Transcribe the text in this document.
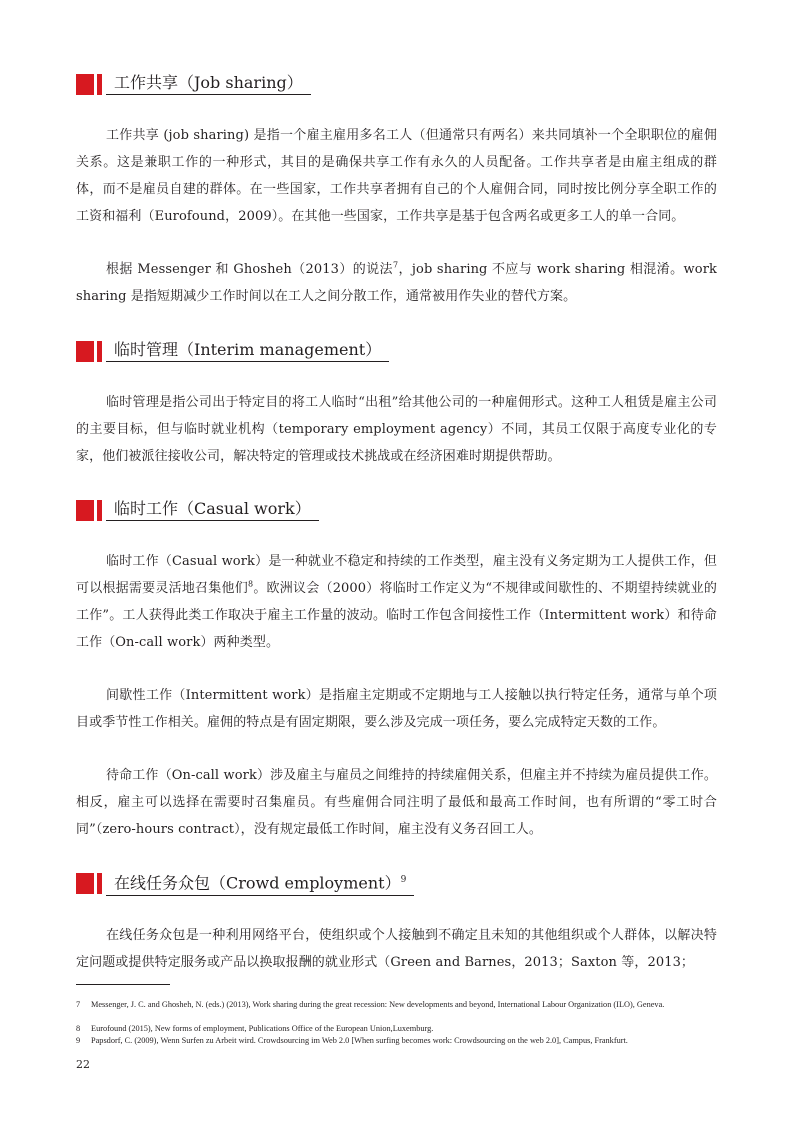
工作共享（Job sharing）

工作共享 (job sharing) 是指一个雇主雇用多名工人（但通常只有两名）来共同填补一个全职职位的雇佣关系。这是兼职工作的一种形式，其目的是确保共享工作有永久的人员配备。工作共享者是由雇主组成的群体，而不是雇员自建的群体。在一些国家，工作共享者拥有自己的个人雇佣合同，同时按比例分享全职工作的工资和福利（Eurofound，2009）。在其他一些国家，工作共享是基于包含两名或更多工人的单一合同。

根据 Messenger 和 Ghosheh（2013）的说法$^7$，job sharing 不应与 work sharing 相混淆。work sharing 是指短期减少工作时间以在工人之间分散工作，通常被用作失业的替代方案。

临时管理（Interim management）

临时管理是指公司出于特定目的将工人临时“出租”给其他公司的一种雇佣形式。这种工人租赁是雇主公司的主要目标，但与临时就业机构（temporary employment agency）不同，其员工仅限于高度专业化的专家，他们被派往接收公司，解决特定的管理或技术挑战或在经济困难时期提供帮助。

临时工作（Casual work）

临时工作（Casual work）是一种就业不稳定和持续的工作类型，雇主没有义务定期为工人提供工作，但可以根据需要灵活地召集他们$^8$。欧洲议会（2000）将临时工作定义为“不规律或间歇性的、不期望持续就业的工作”。工人获得此类工作取决于雇主工作量的波动。临时工作包含间接性工作（Intermittent work）和待命工作（On-call work）两种类型。

间歇性工作（Intermittent work）是指雇主定期或不定期地与工人接触以执行特定任务，通常与单个项目或季节性工作相关。雇佣的特点是有固定期限，要么涉及完成一项任务，要么完成特定天数的工作。

待命工作（On-call work）涉及雇主与雇员之间维持的持续雇佣关系，但雇主并不持续为雇员提供工作。相反，雇主可以选择在需要时召集雇员。有些雇佣合同注明了最低和最高工作时间，也有所谓的“零工时合同”（zero-hours contract），没有规定最低工作时间，雇主没有义务召回工人。

在线任务众包（Crowd employment）$^9$

在线任务众包是一种利用网络平台，使组织或个人接触到不确定且未知的其他组织或个人群体，以解决特定问题或提供特定服务或产品以换取报酬的就业形式（Green and Barnes，2013；Saxton 等，2013；

7 Messenger, J. C. and Ghosheh, N. (eds.) (2013), Work sharing during the great recession: New developments and beyond, International Labour Organization (ILO), Geneva.

8 Eurofound (2015), New forms of employment, Publications Office of the European Union,Luxemburg.

9 Papsdorf, C. (2009), Wenn Surfen zu Arbeit wird. Crowdsourcing im Web 2.0 [When surfing becomes work: Crowdsourcing on the web 2.0], Campus, Frankfurt.

22
